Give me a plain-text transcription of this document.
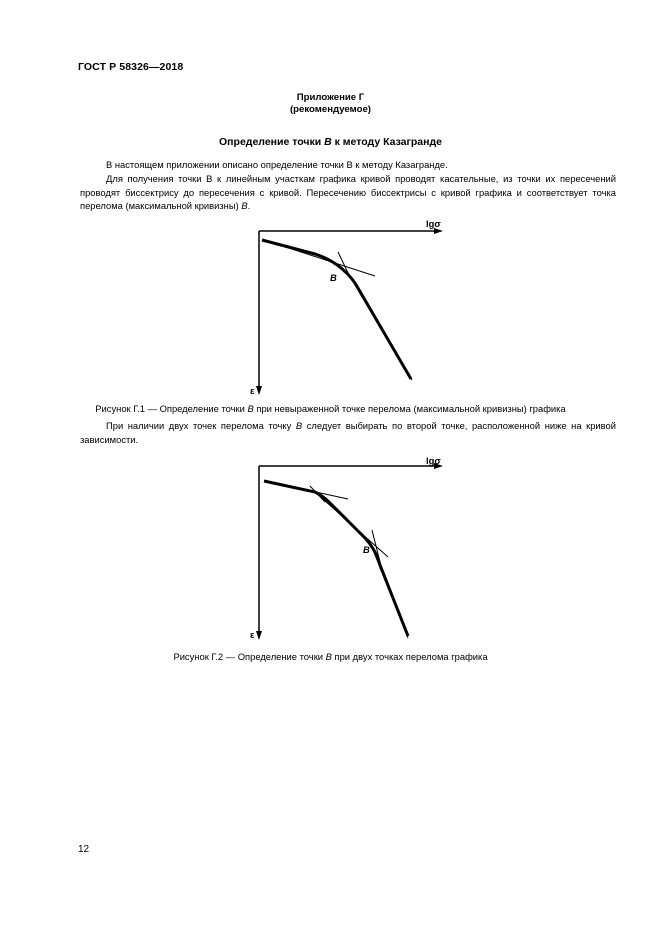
ГОСТ Р 58326—2018
Приложение Г
(рекомендуемое)
Определение точки В к методу Казагранде

В настоящем приложении описано определение точки B к методу Казагранде.

Для получения точки В к линейным участкам графика кривой проводят касательные, из точки их пересечений проводят биссектрису до пересечения с кривой. Пересечению биссектрисы с кривой графика и соответствует точка перелома (максимальной кривизны) В.

lgσ
ε
B
Рисунок Г.1 — Определение точки В при невыраженной точке перелома (максимальной кривизны) графика

При наличии двух точек перелома точку В следует выбирать по второй точке, расположенной ниже на кривой зависимости.

lgσ
ε
B
Рисунок Г.2 — Определение точки В при двух точках перелома графика
12
